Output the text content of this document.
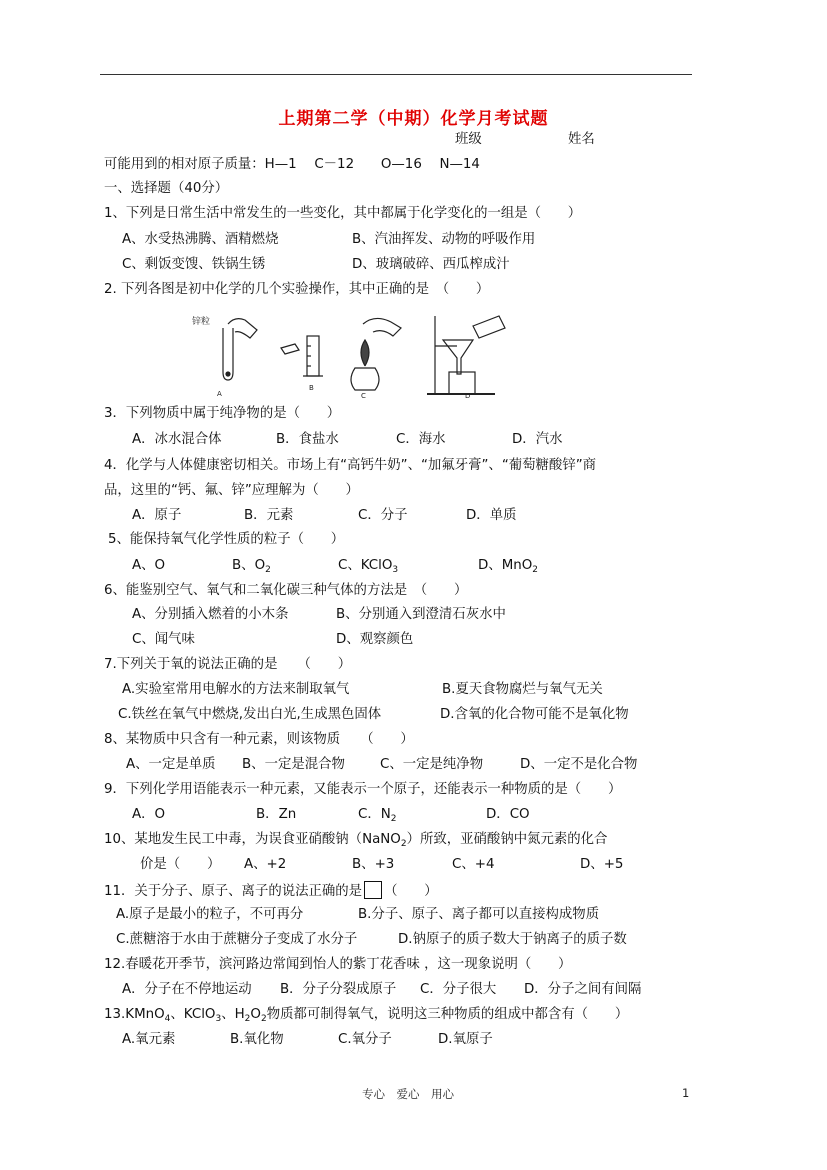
上期第二学（中期）化学月考试题
班级	姓名
可能用到的相对原子质量：H—1　 C－12　　O—16　 N—14
一、选择题（40分）
1、下列是日常生活中常发生的一些变化，其中都属于化学变化的一组是（　　）
A、水受热沸腾、酒精燃烧	B、汽油挥发、动物的呼吸作用
C、剩饭变馊、铁锅生锈	D、玻璃破碎、西瓜榨成汁
2. 下列各图是初中化学的几个实验操作，其中正确的是　（　　）
锌粒
A
B
C	D
3．下列物质中属于纯净物的是（　　）
A．冰水混合体	B．食盐水	C．海水	D．汽水
4．化学与人体健康密切相关。市场上有“高钙牛奶”、“加氟牙膏”、“葡萄糖酸锌”商
品，这里的“钙、氟、锌”应理解为（　　）
A．原子	B．元素	C．分子	D．单质
5、能保持氧气化学性质的粒子（　　）
A、O	B、$O_2$	C、KClO$_3$	D、MnO$_2$
6、能鉴别空气、氧气和二氧化碳三种气体的方法是　（　　）
A、分别插入燃着的小木条	B、分别通入到澄清石灰水中
C、闻气味	D、观察颜色
7.下列关于氧的说法正确的是　　（　　）
A.实验室常用电解水的方法来制取氧气	B.夏天食物腐烂与氧气无关
C.铁丝在氧气中燃烧,发出白光,生成黑色固体	D.含氧的化合物可能不是氧化物
8、某物质中只含有一种元素，则该物质　　（　　）
A、一定是单质 B、一定是混合物	C、一定是纯净物	D、一定不是化合物
9．下列化学用语能表示一种元素，又能表示一个原子，还能表示一种物质的是（　　）
A．O	B．Zn	C．$N_2$	D．CO
10、某地发生民工中毒，为误食亚硝酸钠（NaNO$_2$）所致，亚硝酸钠中氮元素的化合
价是（　　） A、+2	B、+3	C、+4	D、+5
11．关于分子、原子、离子的说法正确的是 （　　）
A.原子是最小的粒子，不可再分	B.分子、原子、离子都可以直接构成物质
C.蔗糖溶于水由于蔗糖分子变成了水分子	D.钠原子的质子数大于钠离子的质子数
12.春暖花开季节，滨河路边常闻到怡人的紫丁花香味 ，这一现象说明（　　）
A．分子在不停地运动 B．分子分裂成原子 C．分子很大 D．分子之间有间隔
13.KMnO$_4$、KClO$_3$、$H_2O_2$物质都可制得氧气，说明这三种物质的组成中都含有（　　）
A.氧元素	B.氧化物	C.氧分子	D.氧原子
专心　爱心　用心	1
